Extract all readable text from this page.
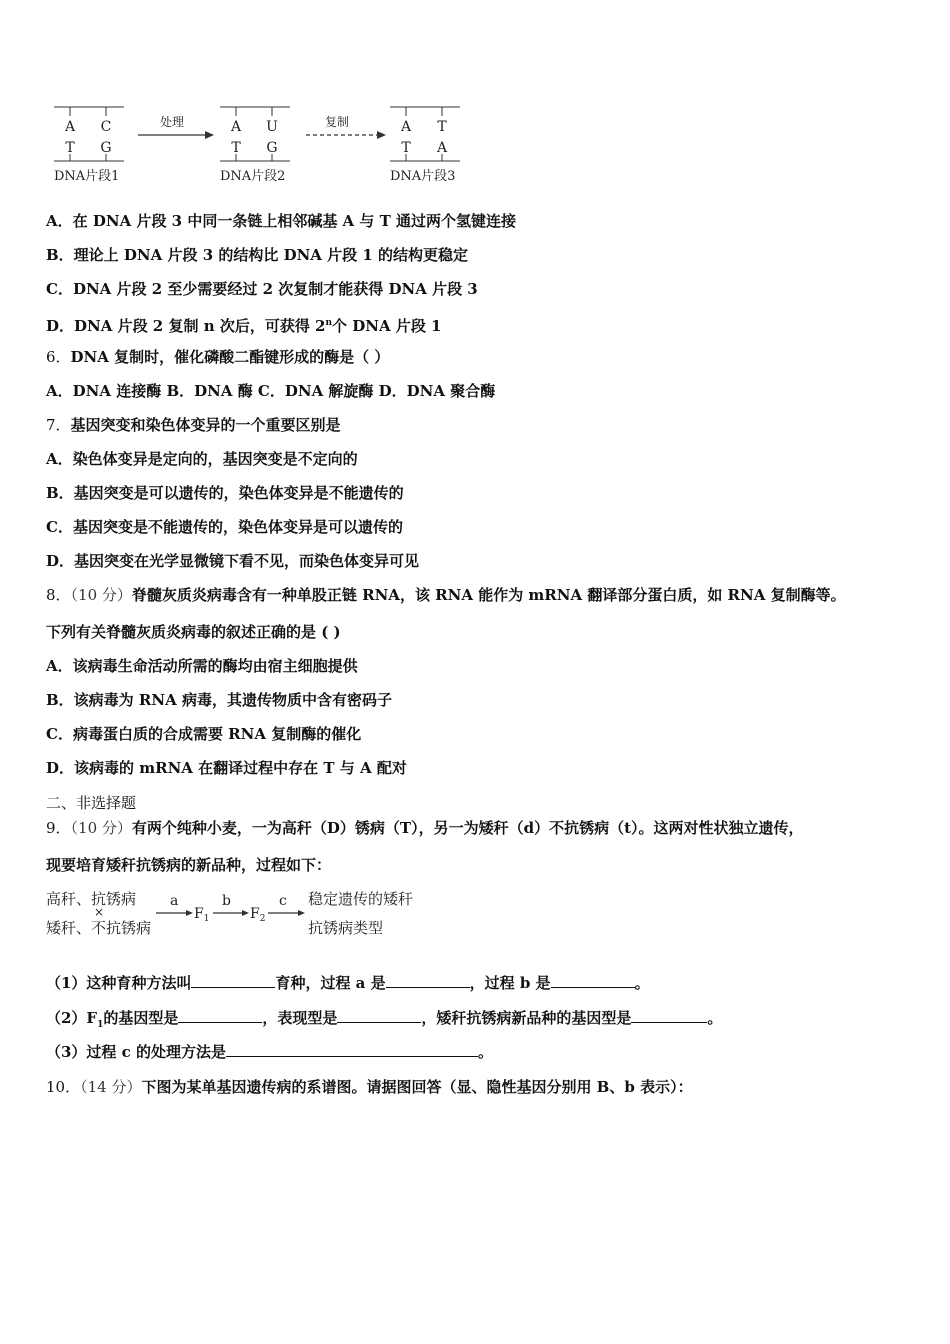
A C
T G
DNA片段1
处理	A U
T G
DNA片段2
复制	A T
T A
DNA片段3
A．在 DNA 片段 3 中同一条链上相邻碱基 A 与 T 通过两个氢键连接
B．理论上 DNA 片段 3 的结构比 DNA 片段 1 的结构更稳定
C．DNA 片段 2 至少需要经过 2 次复制才能获得 DNA 片段 3
D．DNA 片段 2 复制 n 次后，可获得 2$^n$个 DNA 片段 1
6．DNA 复制时，催化磷酸二酯键形成的酶是（ ）
A．DNA 连接酶 B．DNA 酶 C．DNA 解旋酶 D．DNA 聚合酶
7．基因突变和染色体变异的一个重要区别是
A．染色体变异是定向的，基因突变是不定向的
B．基因突变是可以遗传的，染色体变异是不能遗传的
C．基因突变是不能遗传的，染色体变异是可以遗传的
D．基因突变在光学显微镜下看不见，而染色体变异可见
8．（10 分）脊髓灰质炎病毒含有一种单股正链 RNA，该 RNA 能作为 mRNA 翻译部分蛋白质，如 RNA 复制酶等。
下列有关脊髓灰质炎病毒的叙述正确的是 ( )
A．该病毒生命活动所需的酶均由宿主细胞提供
B．该病毒为 RNA 病毒，其遗传物质中含有密码子
C．病毒蛋白质的合成需要 RNA 复制酶的催化
D．该病毒的 mRNA 在翻译过程中存在 T 与 A 配对
二、非选择题
9．（10 分）有两个纯种小麦，一为高秆（D）锈病（T），另一为矮秆（d）不抗锈病（t）。这两对性状独立遗传，
现要培育矮秆抗锈病的新品种，过程如下：
高秆、抗锈病
×
矮秆、不抗锈病
a
$F_1$
b
$F_2$
c 稳定遗传的矮秆
抗锈病类型
（1）这种育种方法叫	育种，过程 a 是	，过程 b 是	。
$(2)F_1$的基因型是	，表现型是	，矮秆抗锈病新品种的基因型是	。
（3）过程 c 的处理方法是	。
10．（14 分）下图为某单基因遗传病的系谱图。请据图回答（显、隐性基因分别用 B、b 表示）：
